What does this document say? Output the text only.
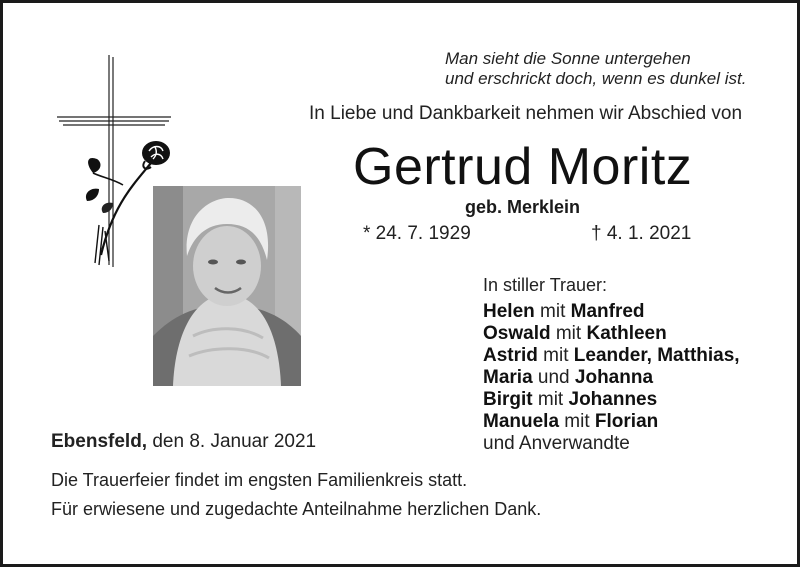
Man sieht die Sonne untergehen
und erschrickt doch, wenn es dunkel ist.
In Liebe und Dankbarkeit nehmen wir Abschied von
Gertrud Moritz
geb. Merklein
* 24. 7. 1929	† 4. 1. 2021
In stiller Trauer:
Helen mit Manfred
Oswald mit Kathleen
Astrid mit Leander, Matthias,
Maria und Johanna
Birgit mit Johannes
Manuela mit Florian
und Anverwandte
Ebensfeld, den 8. Januar 2021
Die Trauerfeier findet im engsten Familienkreis statt.
Für erwiesene und zugedachte Anteilnahme herzlichen Dank.
